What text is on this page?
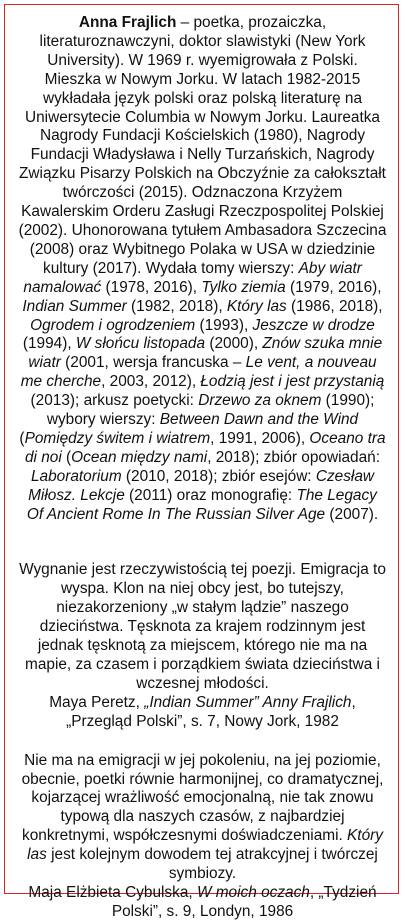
Anna Frajlich – poetka, prozaiczka, literaturoznawczyni, doktor slawistyki (New York University). W 1969 r. wyemigrowała z Polski. Mieszka w Nowym Jorku. W latach 1982-2015 wykładała język polski oraz polską literaturę na Uniwersytecie Columbia w Nowym Jorku. Laureatka Nagrody Fundacji Kościelskich (1980), Nagrody Fundacji Władysława i Nelly Turzańskich, Nagrody Związku Pisarzy Polskich na Obczyźnie za całokształt twórczości (2015). Odznaczona Krzyżem Kawalerskim Orderu Zasługi Rzeczpospolitej Polskiej (2002). Uhonorowana tytułem Ambasadora Szczecina (2008) oraz Wybitnego Polaka w USA w dziedzinie kultury (2017). Wydała tomy wierszy: Aby wiatr namalować (1978, 2016), Tylko ziemia (1979, 2016), Indian Summer (1982, 2018), Który las (1986, 2018), Ogrodem i ogrodzeniem (1993), Jeszcze w drodze (1994), W słońcu listopada (2000), Znów szuka mnie wiatr (2001, wersja francuska – Le vent, a nouveau me cherche, 2003, 2012), Łodzią jest i jest przystanią (2013); arkusz poetycki: Drzewo za oknem (1990); wybory wierszy: Between Dawn and the Wind (Pomiędzy świtem i wiatrem, 1991, 2006), Oceano tra di noi (Ocean między nami, 2018); zbiór opowiadań: Laboratorium (2010, 2018); zbiór esejów: Czesław Miłosz. Lekcje (2011) oraz monografię: The Legacy Of Ancient Rome In The Russian Silver Age (2007).

Wygnanie jest rzeczywistością tej poezji. Emigracja to wyspa. Klon na niej obcy jest, bo tutejszy, niezakorzeniony „w stałym lądzie” naszego dzieciństwa. Tęsknota za krajem rodzinnym jest jednak tęsknotą za miejscem, którego nie ma na mapie, za czasem i porządkiem świata dzieciństwa i wczesnej młodości.

Maya Peretz, „Indian Summer” Anny Frajlich, „Przegląd Polski”, s. 7, Nowy Jork, 1982

Nie ma na emigracji w jej pokoleniu, na jej poziomie, obecnie, poetki równie harmonijnej, co dramatycznej, kojarzącej wrażliwość emocjonalną, nie tak znowu typową dla naszych czasów, z najbardziej konkretnymi, współczesnymi doświadczeniami. Który las jest kolejnym dowodem tej atrakcyjnej i twórczej symbiozy.

Maja Elżbieta Cybulska, W moich oczach, „Tydzień Polski”, s. 9, Londyn, 1986
